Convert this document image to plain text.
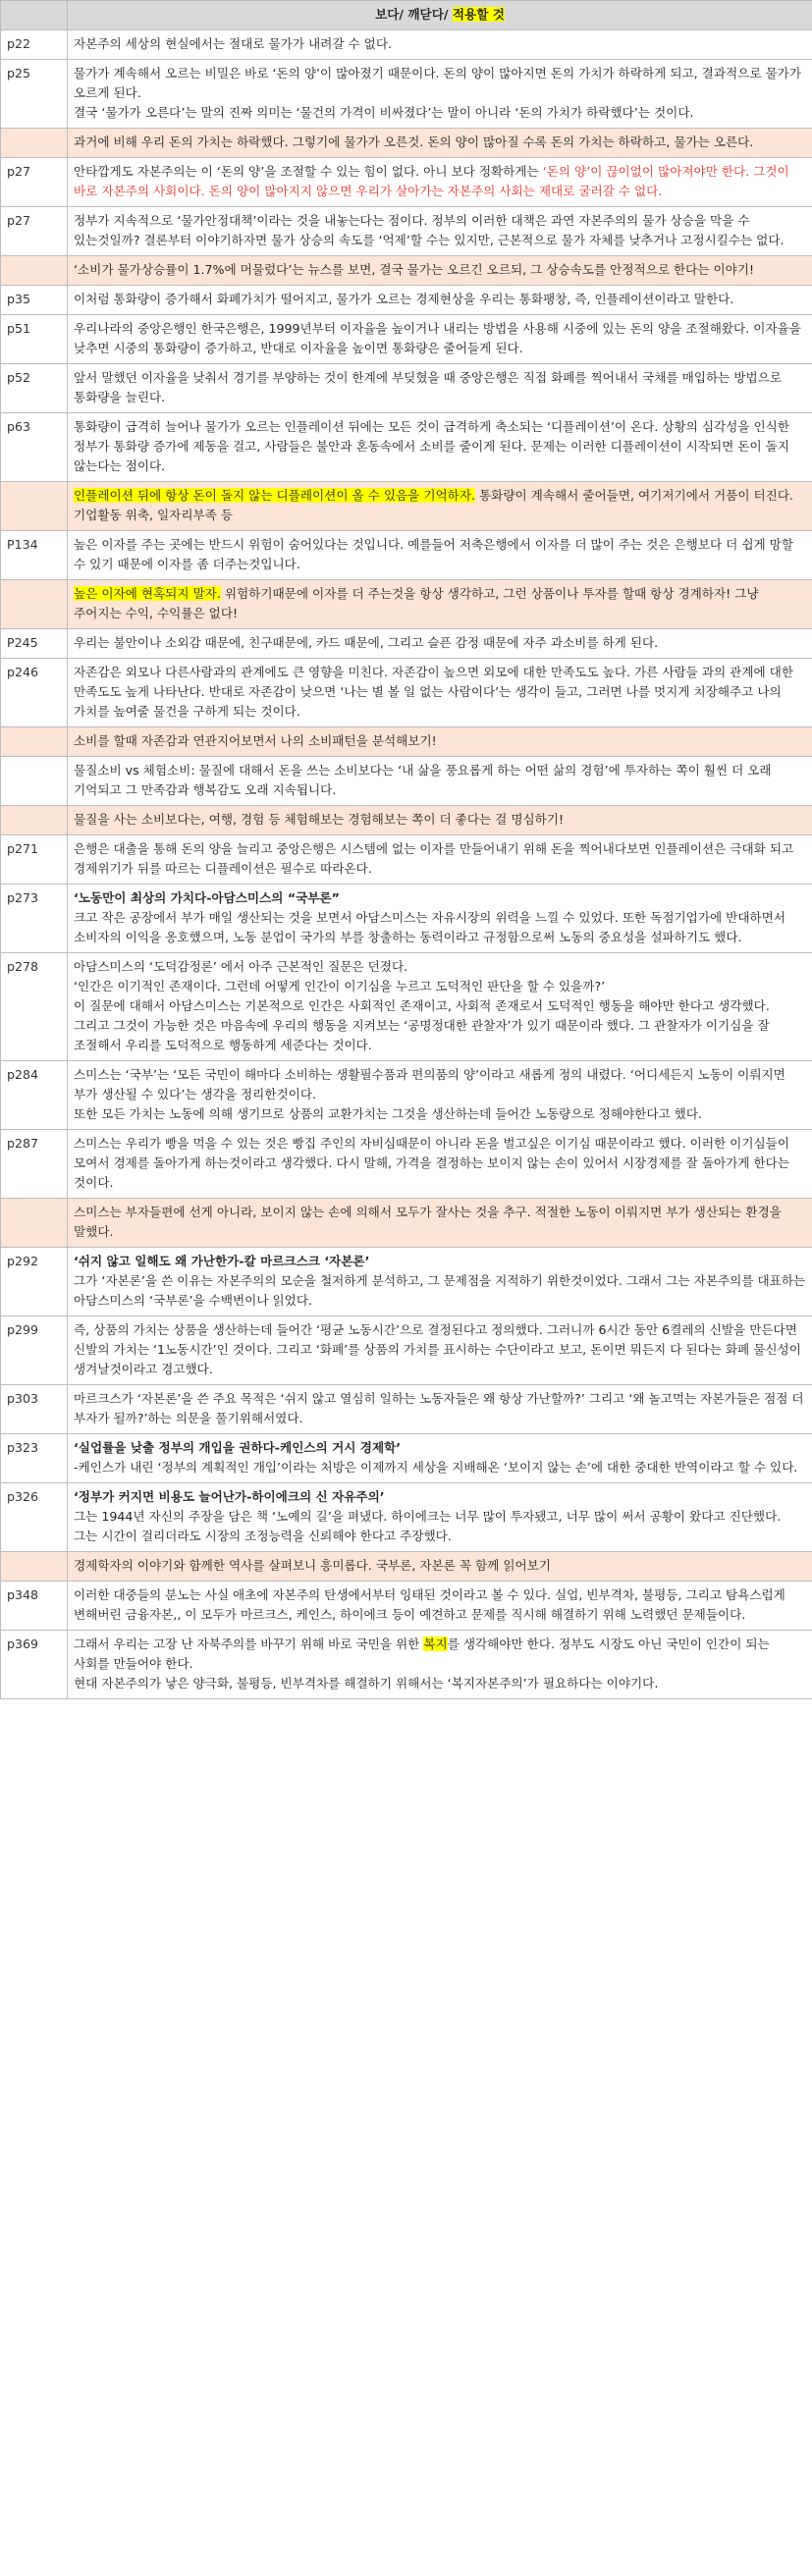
	보다/ 깨닫다/ 적용할 것
p22	자본주의 세상의 현실에서는 절대로 물가가 내려갈 수 없다.

p25	물가가 계속해서 오르는 비밀은 바로 ‘돈의 양’이 많아졌기 때문이다. 돈의 양이 많아지면 돈의 가치가 하락하게 되고, 결과적으로 물가가 오르게 된다.
결국 ‘물가가 오른다’는 말의 진짜 의미는 ‘물건의 가격이 비싸졌다’는 말이 아니라 ‘돈의 가치가 하락했다’는 것이다.

	과거에 비해 우리 돈의 가치는 하락했다. 그렇기에 물가가 오른것. 돈의 양이 많아질 수록 돈의 가치는 하락하고, 물가는 오른다.

p27	안타깝게도 자본주의는 이 ‘돈의 양’을 조절할 수 있는 힘이 없다. 아니 보다 정확하게는 ‘돈의 양’이 끊이없이 많아져야만 한다. 그것이 바로 자본주의 사회이다. 돈의 양이 많아지지 않으면 우리가 살아가는 자본주의 사회는 제대로 굴러갈 수 없다.

p27	정부가 지속적으로 ‘물가안정대책’이라는 것을 내놓는다는 점이다. 정부의 이러한 대책은 과연 자본주의의 물가 상승을 막을 수 있는것일까? 결론부터 이야기하자면 물가 상승의 속도를 ‘억제’할 수는 있지만, 근본적으로 물가 자체를 낮추거나 고정시킬수는 없다.

	‘소비가 물가상승률이 1.7%에 머물렀다’는 뉴스를 보면, 결국 물가는 오르긴 오르되, 그 상승속도를 안정적으로 한다는 이야기!

p35	이처럼 통화량이 증가해서 화폐가치가 떨어지고, 물가가 오르는 경제현상을 우리는 통화팽창, 즉, 인플레이션이라고 말한다.

p51	우리나라의 중앙은행인 한국은행은, 1999년부터 이자율을 높이거나 내리는 방법을 사용해 시중에 있는 돈의 양을 조절해왔다. 이자율을 낮추면 시중의 통화량이 증가하고, 반대로 이자율을 높이면 통화량은 줄어들게 된다.

p52	앞서 말했던 이자율을 낮춰서 경기를 부양하는 것이 한계에 부딪혔을 때 중앙은행은 직접 화폐를 찍어내서 국채를 매입하는 방법으로 통화량을 늘린다.

p63	통화량이 급격히 늘어나 물가가 오르는 인플레이션 뒤에는 모든 것이 급격하게 축소되는 ‘디플레이션’이 온다. 상황의 심각성을 인식한 정부가 통화량 증가에 제동을 걸고, 사람들은 불안과 혼동속에서 소비를 줄이게 된다. 문제는 이러한 디플레이션이 시작되면 돈이 돌지 않는다는 점이다.

	인플레이션 뒤에 항상 돈이 돌지 않는 디플레이션이 올 수 있음을 기억하자. 통화량이 계속해서 줄어들면, 여기저기에서 거품이 터진다. 기업활동 위축, 일자리부족 등

P134	높은 이자를 주는 곳에는 반드시 위험이 숨어있다는 것입니다. 예를들어 저축은행에서 이자를 더 많이 주는 것은 은행보다 더 쉽게 망할 수 있기 때문에 이자를 좀 더주는것입니다.

	높은 이자에 현혹되지 말자. 위험하기때문에 이자를 더 주는것을 항상 생각하고, 그런 상품이나 투자를 할때 항상 경계하자! 그냥 주어지는 수익, 수익률은 없다!

P245	우리는 불안이나 소외감 때문에, 친구때문에, 카드 때문에, 그리고 슬픈 감정 때문에 자주 과소비를 하게 된다.

p246	자존감은 외모나 다른사람과의 관계에도 큰 영향을 미친다. 자존감이 높으면 외모에 대한 만족도도 높다. 가른 사람들 과의 관계에 대한 만족도도 높게 나타난다. 반대로 자존감이 낮으면 ‘나는 별 볼 일 없는 사람이다’는 생각이 들고, 그러면 나를 멋지게 치장해주고 나의 가치를 높여줄 물건을 구하게 되는 것이다.

	소비를 할때 자존감과 연관지어보면서 나의 소비패턴을 분석해보기!

	물질소비 vs 체험소비: 물질에 대해서 돈을 쓰는 소비보다는 ‘내 삶을 풍요롭게 하는 어떤 삶의 경험’에 투자하는 쪽이 훨씬 더 오래 기억되고 그 만족감과 행복감도 오래 지속됩니다.

	물질을 사는 소비보다는, 여행, 경험 등 체험해보는 경험해보는 쪽이 더 좋다는 걸 명심하기!

p271	은행은 대출을 통해 돈의 양을 늘리고 중앙은행은 시스템에 없는 이자를 만들어내기 위해 돈을 찍어내다보면 인플레이션은 극대화 되고 경제위기가 뒤를 따르는 디플레이션은 필수로 따라온다.

p273	‘노동만이 최상의 가치다-아담스미스의 “국부론”
크고 작은 공장에서 부가 매일 생산되는 것을 보면서 아담스미스는 자유시장의 위력을 느낄 수 있었다. 또한 독점기업가에 반대하면서 소비자의 이익을 옹호했으며, 노동 분업이 국가의 부를 창출하는 동력이라고 규정함으로써 노동의 중요성을 설파하기도 했다.

p278	아담스미스의 ‘도덕감정론’ 에서 아주 근본적인 질문은 던졌다.
‘인간은 이기적인 존재이다. 그런데 어떻게 인간이 이기심을 누르고 도덕적인 판단을 할 수 있을까?’
이 질문에 대해서 아담스미스는 기본적으로 인간은 사회적인 존재이고, 사회적 존재로서 도덕적인 행동을 해야만 한다고 생각했다. 그리고 그것이 가능한 것은 마음속에 우리의 행동을 지켜보는 ‘공명정대한 관찰자’가 있기 때문이라 했다. 그 관찰자가 이기심을 잘 조절해서 우리를 도덕적으로 행동하게 세준다는 것이다.

p284	스미스는 ‘국부’는 ‘모든 국민이 해마다 소비하는 생활필수품과 편의품의 양’이라고 새롭게 정의 내렸다. ‘어디세든지 노동이 이뤄지면 부가 생산될 수 있다’는 생각을 정리한것이다.
또한 모든 가치는 노동에 의해 생기므로 상품의 교환가치는 그것을 생산하는데 들어간 노동량으로 정해야한다고 했다.

p287	스미스는 우리가 빵을 먹을 수 있는 것은 빵집 주인의 자비심때문이 아니라 돈을 벌고싶은 이기심 때문이라고 했다. 이러한 이기심들이 모여서 경제를 돌아가게 하는것이라고 생각했다. 다시 말해, 가격을 결정하는 보이지 않는 손이 있어서 시장경제를 잘 돌아가게 한다는 것이다.

	스미스는 부자들편에 선게 아니라, 보이지 않는 손에 의해서 모두가 잘사는 것을 추구. 적절한 노동이 이뤄지면 부가 생산되는 환경을 말했다.

p292	‘쉬지 않고 일해도 왜 가난한가-칼 마르크스크 ‘자본론’
그가 ‘자본론’을 쓴 이유는 자본주의의 모순을 철저하게 분석하고, 그 문제점을 지적하기 위한것이었다. 그래서 그는 자본주의를 대표하는 아담스미스의 ‘국부론’을 수백번이나 읽었다.

p299	즉, 상품의 가치는 상품을 생산하는데 들어간 ‘평균 노동시간’으로 결정된다고 정의했다. 그러니까 6시간 동안 6켤레의 신발을 만든다면 신발의 가치는 ‘1노동시간’인 것이다. 그리고 ‘화폐’를 상품의 가치를 표시하는 수단이라고 보고, 돈이면 뭐든지 다 된다는 화폐 물신성이 생겨날것이라고 경고했다.

p303	마르크스가 ‘자본론’을 쓴 주요 목적은 ‘쉬지 않고 열심히 일하는 노동자들은 왜 항상 가난할까?’ 그리고 ‘왜 놀고먹는 자본가들은 점점 더 부자가 될까?’하는 의문을 풀기위해서였다.

p323	‘실업률을 낮출 정부의 개입을 권하다-케인스의 거시 경제학’
-케인스가 내린 ‘정부의 계획적인 개입’이라는 처방은 이제까지 세상을 지배해온 ‘보이지 않는 손’에 대한 중대한 반역이라고 할 수 있다.

p326	‘정부가 커지면 비용도 늘어난가-하이에크의 신 자유주의’
그는 1944년 자신의 주장을 담은 책 ‘노예의 길’을 펴냈다. 하이에크는 너무 많이 투자됐고, 너무 많이 써서 공황이 왔다고 진단했다. 그는 시간이 걸리더라도 시장의 조정능력을 신뢰해야 한다고 주장했다.

	경제학자의 이야기와 함께한 역사를 살펴보니 흥미롭다. 국부론, 자본론 꼭 함께 읽어보기

p348	이러한 대중들의 분노는 사실 애초에 자본주의 탄생에서부터 잉태된 것이라고 볼 수 있다. 실업, 빈부격차, 불평등, 그리고 탐욕스럽게 변해버린 금융자본,, 이 모두가 마르크스, 케인스, 하이에크 등이 예견하고 문제를 직시해 해결하기 위해 노력했던 문제들이다.

p369	그래서 우리는 고장 난 자북주의를 바꾸기 위해 바로 국민을 위한 복지를 생각해야만 한다. 정부도 시장도 아닌 국민이 인간이 되는 사회를 만들어야 한다.
현대 자본주의가 낳은 양극화, 불평등, 빈부격차를 해결하기 위해서는 ‘복지자본주의’가 필요하다는 이야기다.
